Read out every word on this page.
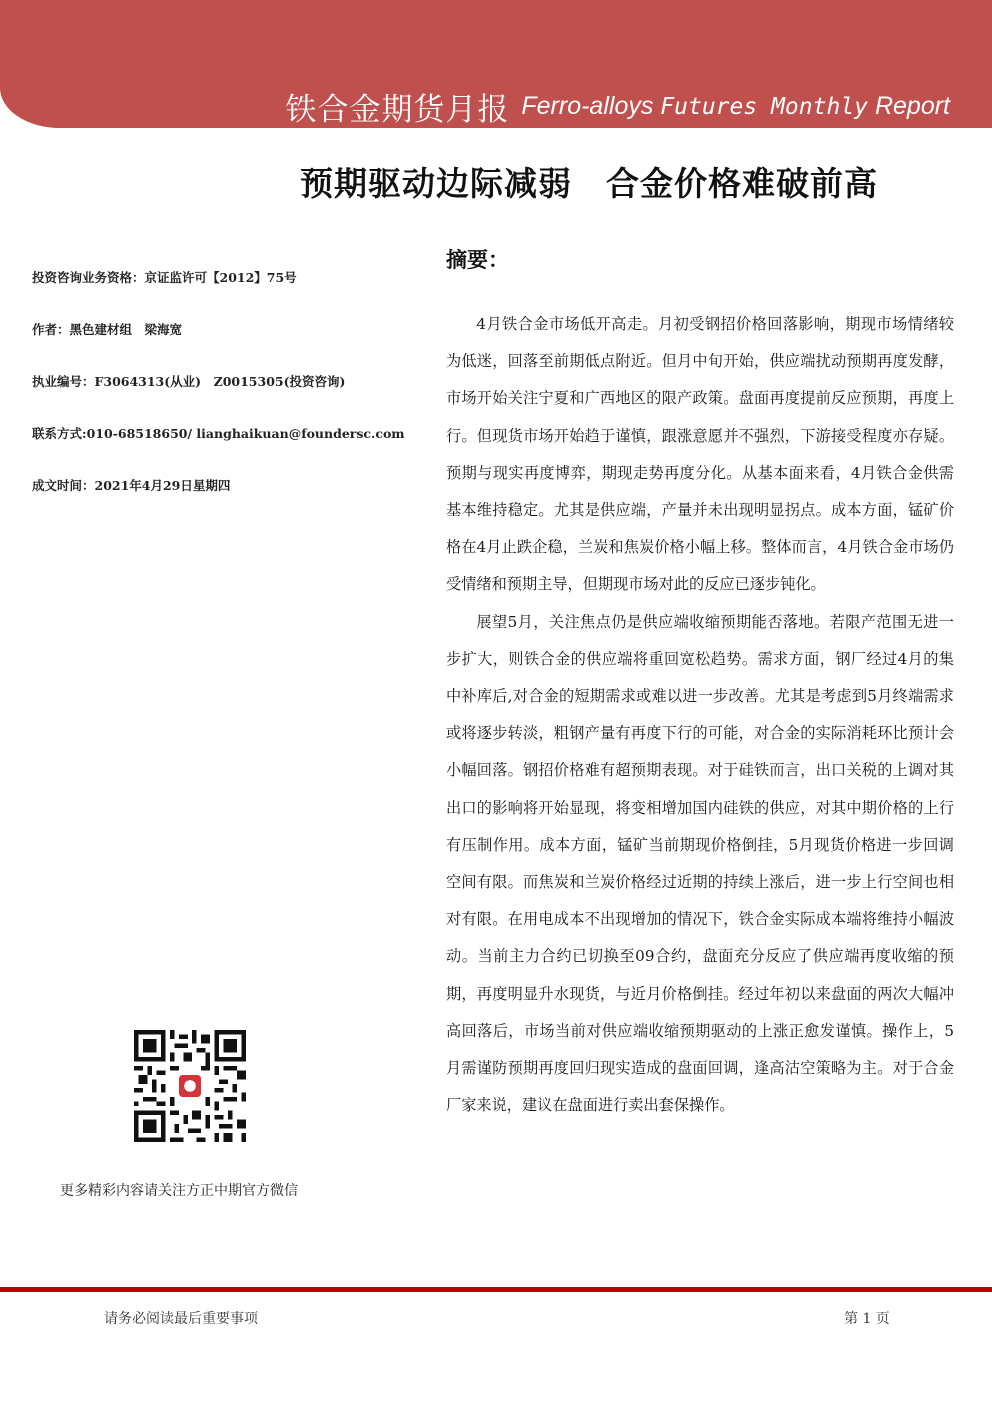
铁合金期货月报 Ferro-alloys Futures Monthly Report
预期驱动边际减弱　合金价格难破前高
投资咨询业务资格：京证监许可【2012】75号
作者：黑色建材组　梁海宽
执业编号：F3064313(从业)　Z0015305(投资咨询)
联系方式:010-68518650/ lianghaikuan@foundersc.com
成文时间：2021年4月29日星期四
更多精彩内容请关注方正中期官方微信
摘要：

4月铁合金市场低开高走。月初受钢招价格回落影响，期现市场情绪较为低迷，回落至前期低点附近。但月中旬开始，供应端扰动预期再度发酵，市场开始关注宁夏和广西地区的限产政策。盘面再度提前反应预期，再度上行。但现货市场开始趋于谨慎，跟涨意愿并不强烈，下游接受程度亦存疑。预期与现实再度博弈，期现走势再度分化。从基本面来看，4月铁合金供需基本维持稳定。尤其是供应端，产量并未出现明显拐点。成本方面，锰矿价格在4月止跌企稳，兰炭和焦炭价格小幅上移。整体而言，4月铁合金市场仍受情绪和预期主导，但期现市场对此的反应已逐步钝化。

展望5月，关注焦点仍是供应端收缩预期能否落地。若限产范围无进一步扩大，则铁合金的供应端将重回宽松趋势。需求方面，钢厂经过4月的集中补库后,对合金的短期需求或难以进一步改善。尤其是考虑到5月终端需求或将逐步转淡，粗钢产量有再度下行的可能，对合金的实际消耗环比预计会小幅回落。钢招价格难有超预期表现。对于硅铁而言，出口关税的上调对其出口的影响将开始显现，将变相增加国内硅铁的供应，对其中期价格的上行有压制作用。成本方面，锰矿当前期现价格倒挂，5月现货价格进一步回调空间有限。而焦炭和兰炭价格经过近期的持续上涨后，进一步上行空间也相对有限。在用电成本不出现增加的情况下，铁合金实际成本端将维持小幅波动。当前主力合约已切换至09合约，盘面充分反应了供应端再度收缩的预期，再度明显升水现货，与近月价格倒挂。经过年初以来盘面的两次大幅冲高回落后，市场当前对供应端收缩预期驱动的上涨正愈发谨慎。操作上，5月需谨防预期再度回归现实造成的盘面回调，逢高沽空策略为主。对于合金厂家来说，建议在盘面进行卖出套保操作。

请务必阅读最后重要事项	第 1 页
